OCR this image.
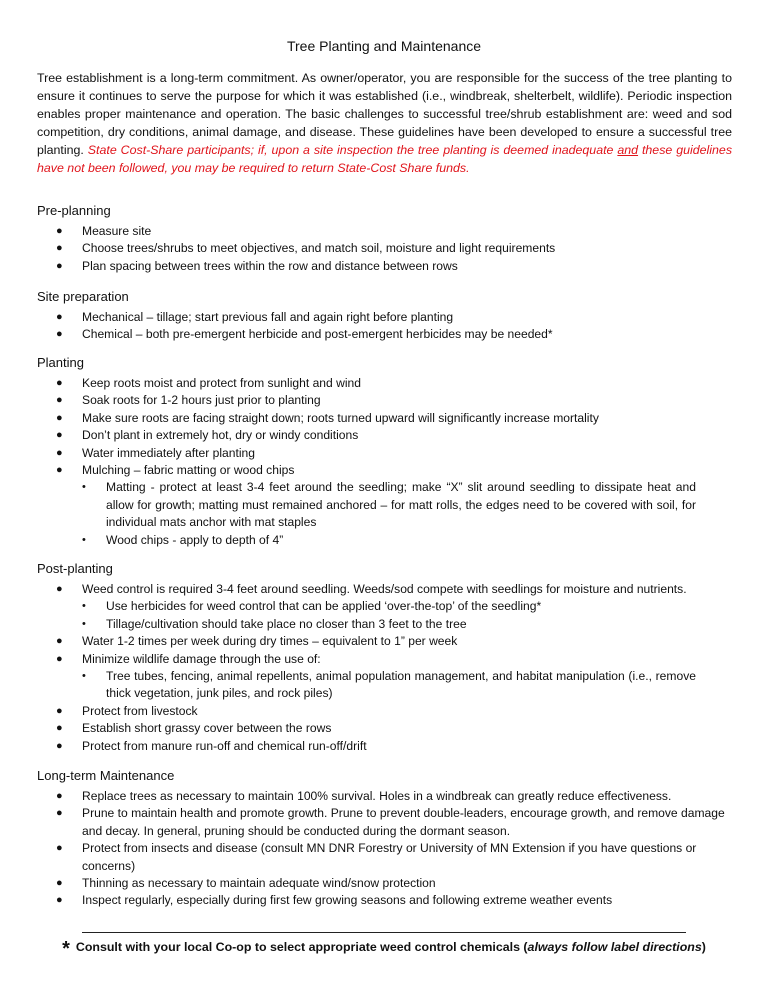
Tree Planting and Maintenance

Tree establishment is a long-term commitment. As owner/operator, you are responsible for the success of the tree planting to ensure it continues to serve the purpose for which it was established (i.e., windbreak, shelterbelt, wildlife). Periodic inspection enables proper maintenance and operation. The basic challenges to successful tree/shrub establishment are: weed and sod competition, dry conditions, animal damage, and disease. These guidelines have been developed to ensure a successful tree planting. State Cost-Share participants; if, upon a site inspection the tree planting is deemed inadequate and these guidelines have not been followed, you may be required to return State-Cost Share funds.

Pre-planning
● Measure site
● Choose trees/shrubs to meet objectives, and match soil, moisture and light requirements
● Plan spacing between trees within the row and distance between rows
Site preparation
● Mechanical – tillage; start previous fall and again right before planting
● Chemical – both pre-emergent herbicide and post-emergent herbicides may be needed*
Planting
● Keep roots moist and protect from sunlight and wind
● Soak roots for 1-2 hours just prior to planting
● Make sure roots are facing straight down; roots turned upward will significantly increase mortality
● Don’t plant in extremely hot, dry or windy conditions
● Water immediately after planting
● Mulching – fabric matting or wood chips
• Matting - protect at least 3-4 feet around the seedling; make “X” slit around seedling to dissipate heat and allow for growth; matting must remained anchored – for matt rolls, the edges need to be covered with soil, for individual mats anchor with mat staples
• Wood chips - apply to depth of 4”
Post-planting
● Weed control is required 3-4 feet around seedling. Weeds/sod compete with seedlings for moisture and nutrients.
• Use herbicides for weed control that can be applied ‘over-the-top’ of the seedling*
• Tillage/cultivation should take place no closer than 3 feet to the tree
● Water 1-2 times per week during dry times – equivalent to 1” per week
● Minimize wildlife damage through the use of:
• Tree tubes, fencing, animal repellents, animal population management, and habitat manipulation (i.e., remove thick vegetation, junk piles, and rock piles)
● Protect from livestock
● Establish short grassy cover between the rows
● Protect from manure run-off and chemical run-off/drift
Long-term Maintenance
● Replace trees as necessary to maintain 100% survival. Holes in a windbreak can greatly reduce effectiveness.
● Prune to maintain health and promote growth. Prune to prevent double-leaders, encourage growth, and remove damage and decay. In general, pruning should be conducted during the dormant season.
● Protect from insects and disease (consult MN DNR Forestry or University of MN Extension if you have questions or concerns)
● Thinning as necessary to maintain adequate wind/snow protection
● Inspect regularly, especially during first few growing seasons and following extreme weather events
* Consult with your local Co-op to select appropriate weed control chemicals (always follow label directions)
